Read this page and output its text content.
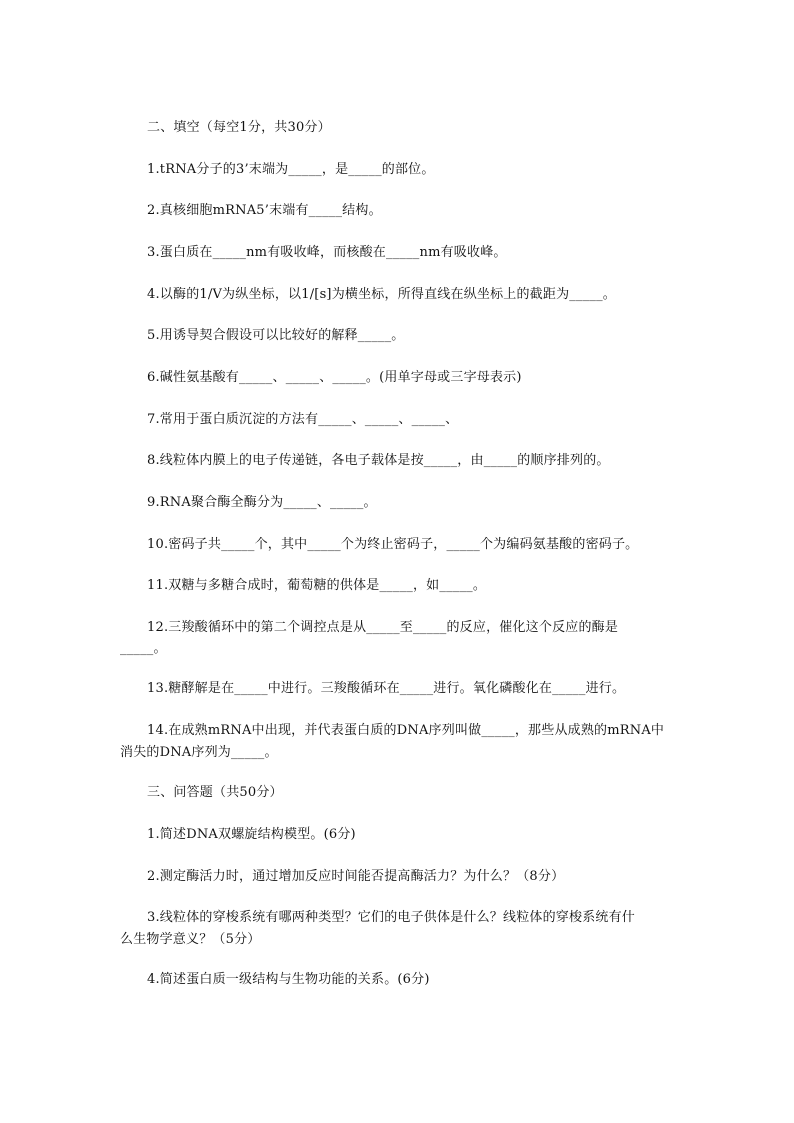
二、填空（每空1分，共30分）
1.tRNA分子的3’末端为_____，是_____的部位。
2.真核细胞mRNA5’末端有_____结构。
3.蛋白质在_____nm有吸收峰，而核酸在_____nm有吸收峰。
4.以酶的1/V为纵坐标，以1/[s]为横坐标，所得直线在纵坐标上的截距为_____。
5.用诱导契合假设可以比较好的解释_____。
6.碱性氨基酸有_____、_____、_____。(用单字母或三字母表示)
7.常用于蛋白质沉淀的方法有_____、_____、_____、
8.线粒体内膜上的电子传递链，各电子载体是按_____，由_____的顺序排列的。
9.RNA聚合酶全酶分为_____、_____。
10.密码子共_____个，其中_____个为终止密码子，_____个为编码氨基酸的密码子。
11.双糖与多糖合成时，葡萄糖的供体是_____，如_____。
12.三羧酸循环中的第二个调控点是从_____至_____的反应，催化这个反应的酶是
_____。
13.糖酵解是在_____中进行。三羧酸循环在_____进行。氧化磷酸化在_____进行。
14.在成熟mRNA中出现，并代表蛋白质的DNA序列叫做_____，那些从成熟的mRNA中
消失的DNA序列为_____。
三、问答题（共50分）
1.简述DNA双螺旋结构模型。(6分)
2.测定酶活力时，通过增加反应时间能否提高酶活力？为什么？（8分）
3.线粒体的穿梭系统有哪两种类型？它们的电子供体是什么？线粒体的穿梭系统有什
么生物学意义？（5分）
4.简述蛋白质一级结构与生物功能的关系。(6分)
